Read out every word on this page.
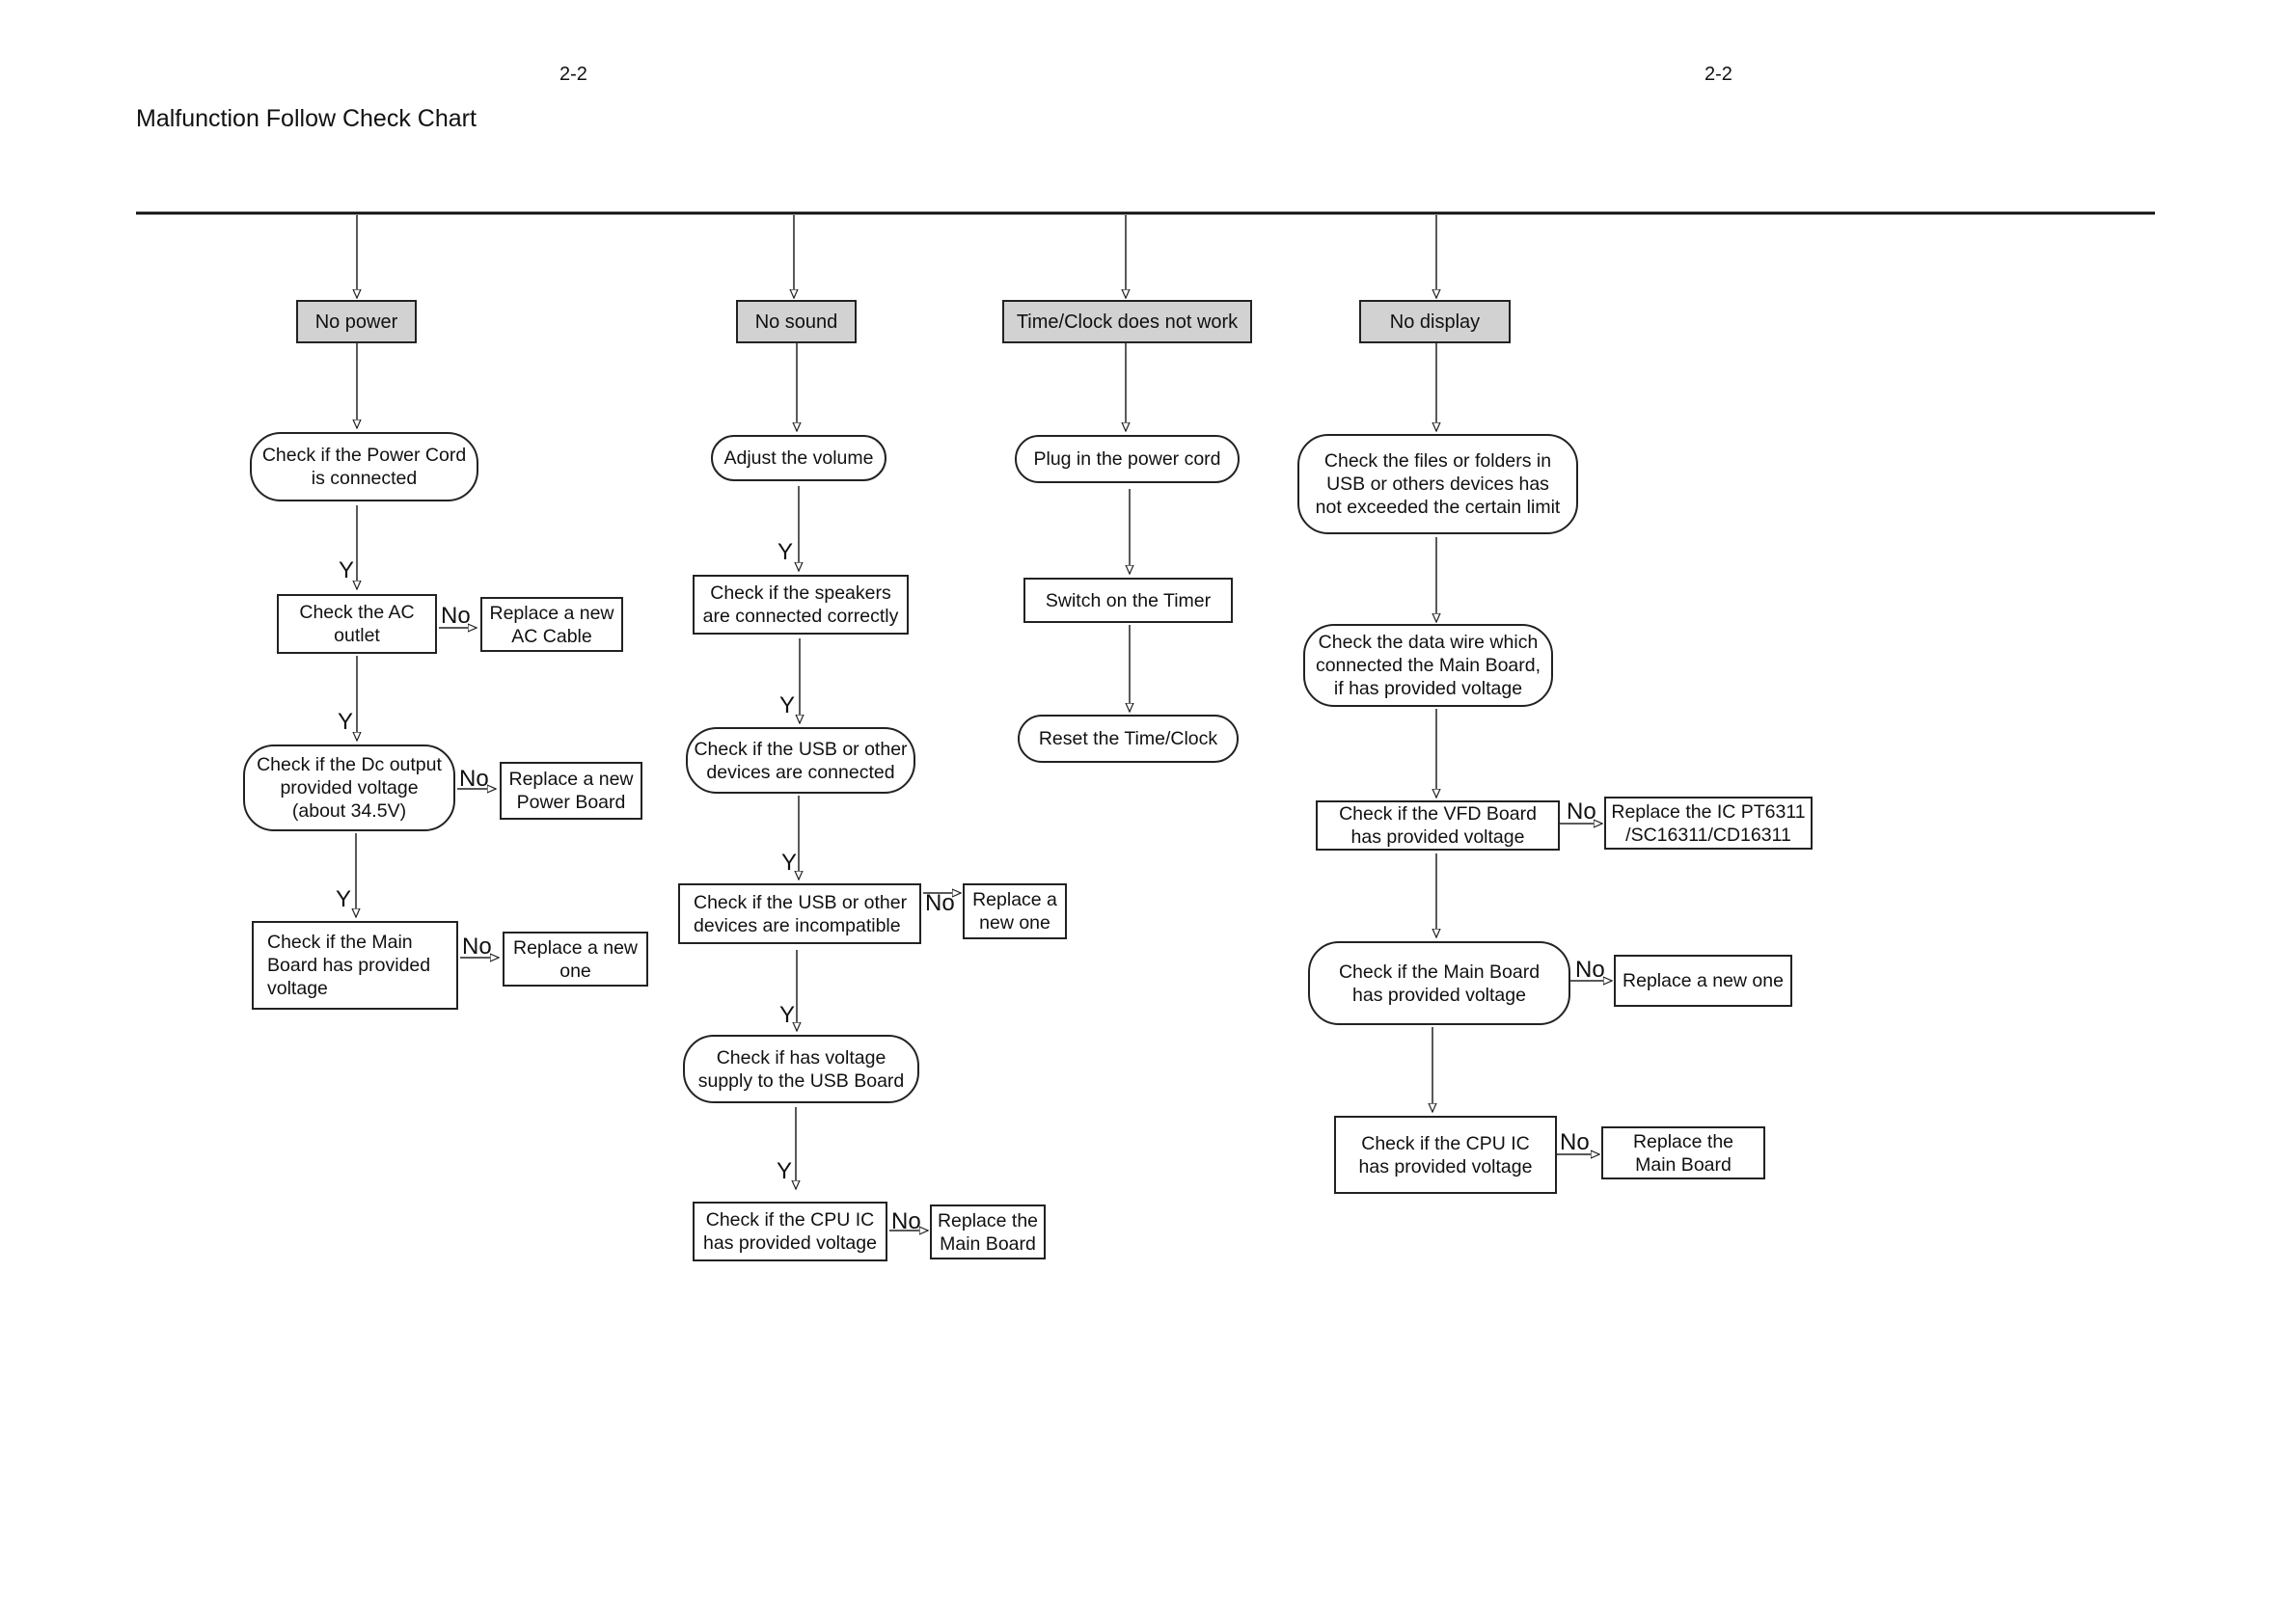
2-2	2-2
Malfunction Follow Check Chart
No power
Check if the Power Cord
is connected
Check the AC
outlet
Replace a new
AC Cable
Check if the Dc output
provided voltage
(about 34.5V)
Replace a new
Power Board
Check if the Main
Board has provided
voltage
Replace a new
one
No sound
Adjust the volume
Check if the speakers
are connected correctly
Check if the USB or other
devices are connected
Check if the USB or other
devices are incompatible
Replace a
new one
Check if has voltage
supply to the USB Board
Check if the CPU IC
has provided voltage
Replace the
Main Board
Time/Clock does not work
Plug in the power cord
Switch on the Timer
Reset the Time/Clock
No display
Check the files or folders in
USB or others devices has
not exceeded the certain limit
Check the data wire which
connected the Main Board,
if has provided voltage
Check if the VFD Board
has provided voltage
Replace the IC PT6311
/SC16311/CD16311
Check if the Main Board
has provided voltage
Replace a new one
Check if the CPU IC
has provided voltage
Replace the
Main Board
Y
Y
Y
Y
Y
Y
Y
Y
No
No
No
No
No
No
No
No
